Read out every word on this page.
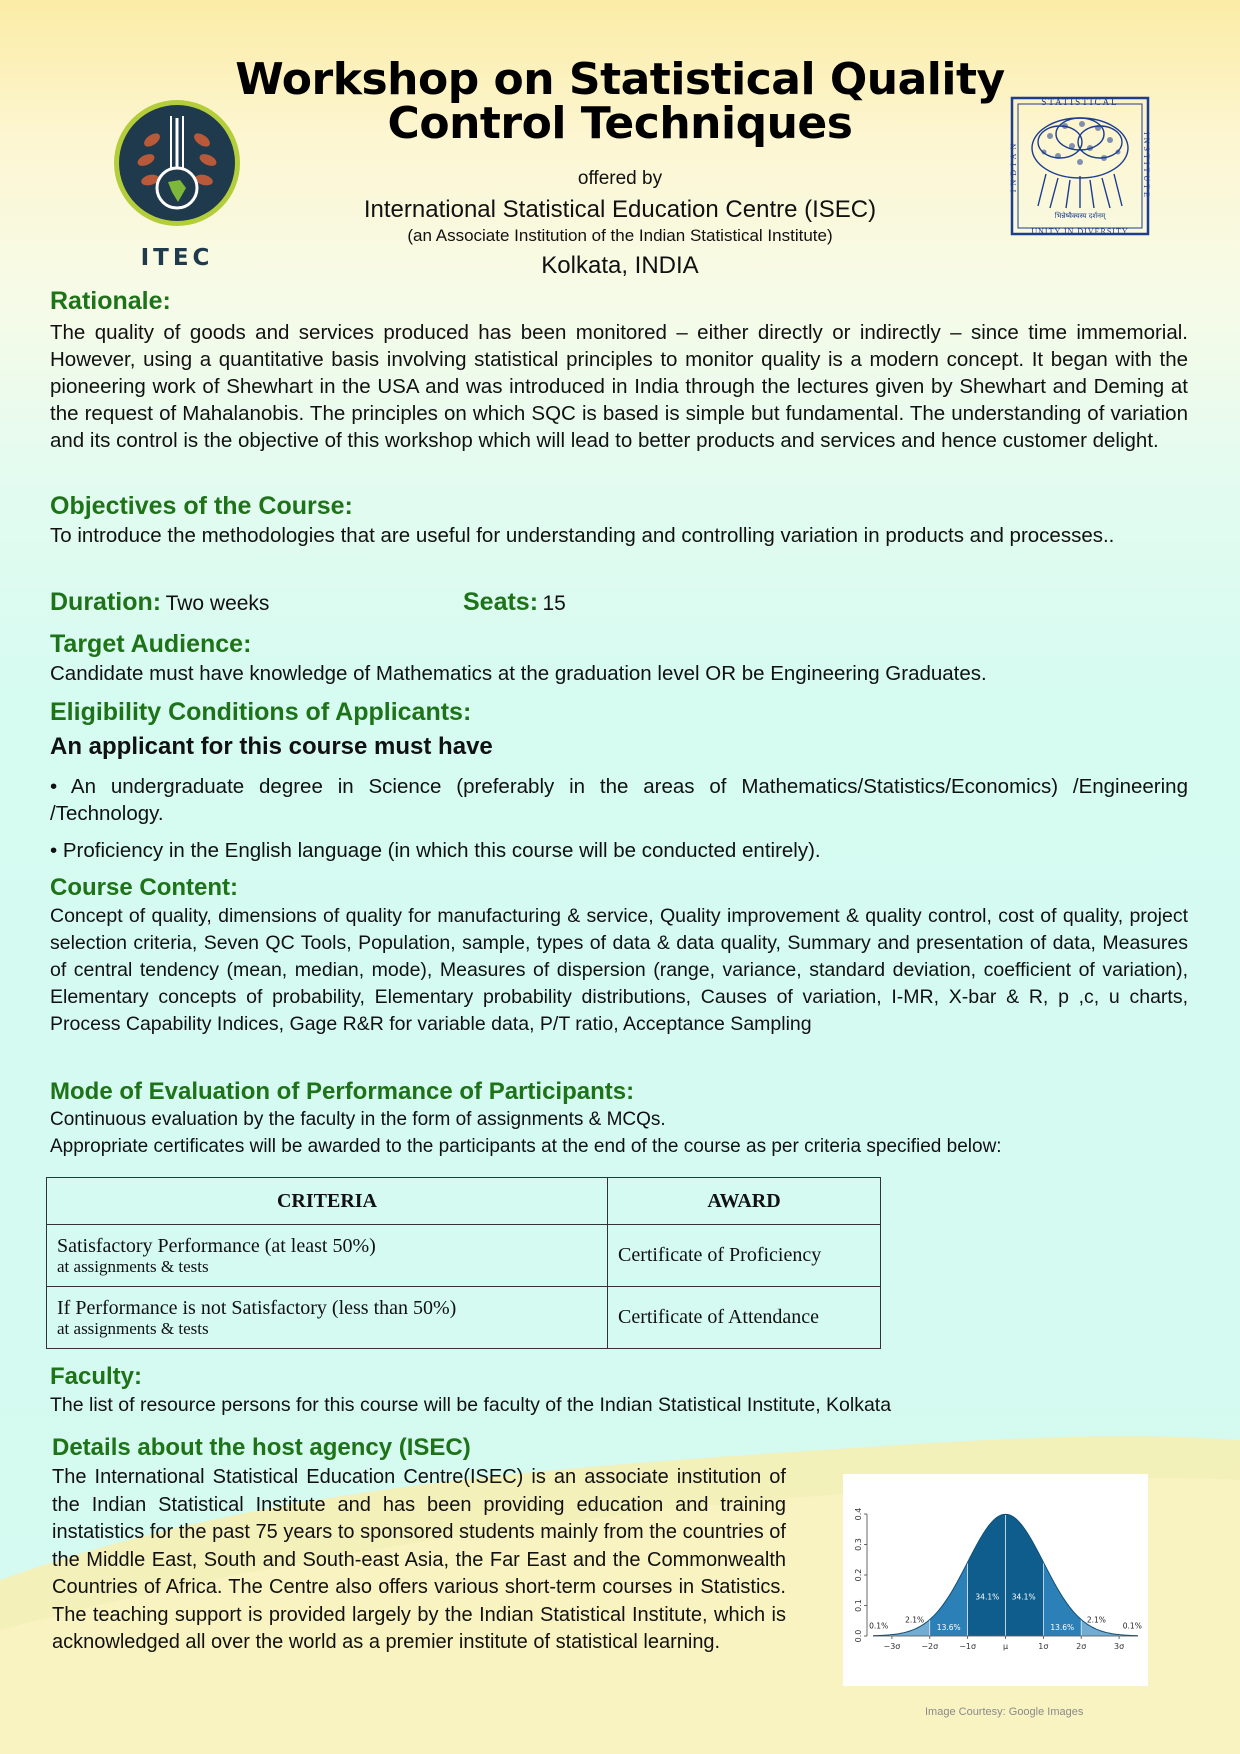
ITEC
STATISTICAL
UNITY IN DIVERSITY
भिन्नेष्वैक्यस्य दर्शनम्
INDIAN	INSTITUTE
Workshop on Statistical Quality
Control Techniques
offered by
International Statistical Education Centre (ISEC)
(an Associate Institution of the Indian Statistical Institute)
Kolkata, INDIA
Rationale:
The quality of goods and services produced has been monitored – either directly or indirectly – since time immemorial. However, using a quantitative basis involving statistical principles to monitor quality is a modern concept. It began with the pioneering work of Shewhart in the USA and was introduced in India through the lectures given by Shewhart and Deming at the request of Mahalanobis. The principles on which SQC is based is simple but fundamental. The understanding of variation and its control is the objective of this workshop which will lead to better products and services and hence customer delight.
Objectives of the Course:
To introduce the methodologies that are useful for understanding and controlling variation in products and processes..
Duration: Two weeks	Seats: 15
Target Audience:
Candidate must have knowledge of Mathematics at the graduation level OR be Engineering Graduates.
Eligibility Conditions of Applicants:
An applicant for this course must have
• An undergraduate degree in Science (preferably in the areas of Mathematics/Statistics/Economics) /Engineering /Technology.
• Proficiency in the English language (in which this course will be conducted entirely).
Course Content:
Concept of quality, dimensions of quality for manufacturing & service, Quality improvement & quality control, cost of quality, project selection criteria, Seven QC Tools, Population, sample, types of data & data quality, Summary and presentation of data, Measures of central tendency (mean, median, mode), Measures of dispersion (range, variance, standard deviation, coefficient of variation), Elementary concepts of probability, Elementary probability distributions, Causes of variation, I-MR, X-bar & R, p ,c, u charts, Process Capability Indices, Gage R&R for variable data, P/T ratio, Acceptance Sampling
Mode of Evaluation of Performance of Participants:
Continuous evaluation by the faculty in the form of assignments & MCQs.
Appropriate certificates will be awarded to the participants at the end of the course as per criteria specified below:
CRITERIA	AWARD

Satisfactory Performance (at least 50%)
at assignments & tests	Certificate of Proficiency

If Performance is not Satisfactory (less than 50%)
at assignments & tests	Certificate of Attendance
Faculty:
The list of resource persons for this course will be faculty of the Indian Statistical Institute, Kolkata
Details about the host agency (ISEC)
The International Statistical Education Centre(ISEC) is an associate institution of the Indian Statistical Institute and has been providing education and training instatistics for the past 75 years to sponsored students mainly from the countries of the Middle East, South and South-east Asia, the Far East and the Commonwealth Countries of Africa. The Centre also offers various short-term courses in Statistics. The teaching support is provided largely by the Indian Statistical Institute, which is acknowledged all over the world as a premier institute of statistical learning.	0.0
0.1
0.2
0.3
0.4
−3σ	−2σ	−1σ	μ	1σ	2σ	3σ
0.1%
2.1%
13.6%
34.1% 34.1%
13.6%
2.1%
0.1%
Image Courtesy: Google Images
